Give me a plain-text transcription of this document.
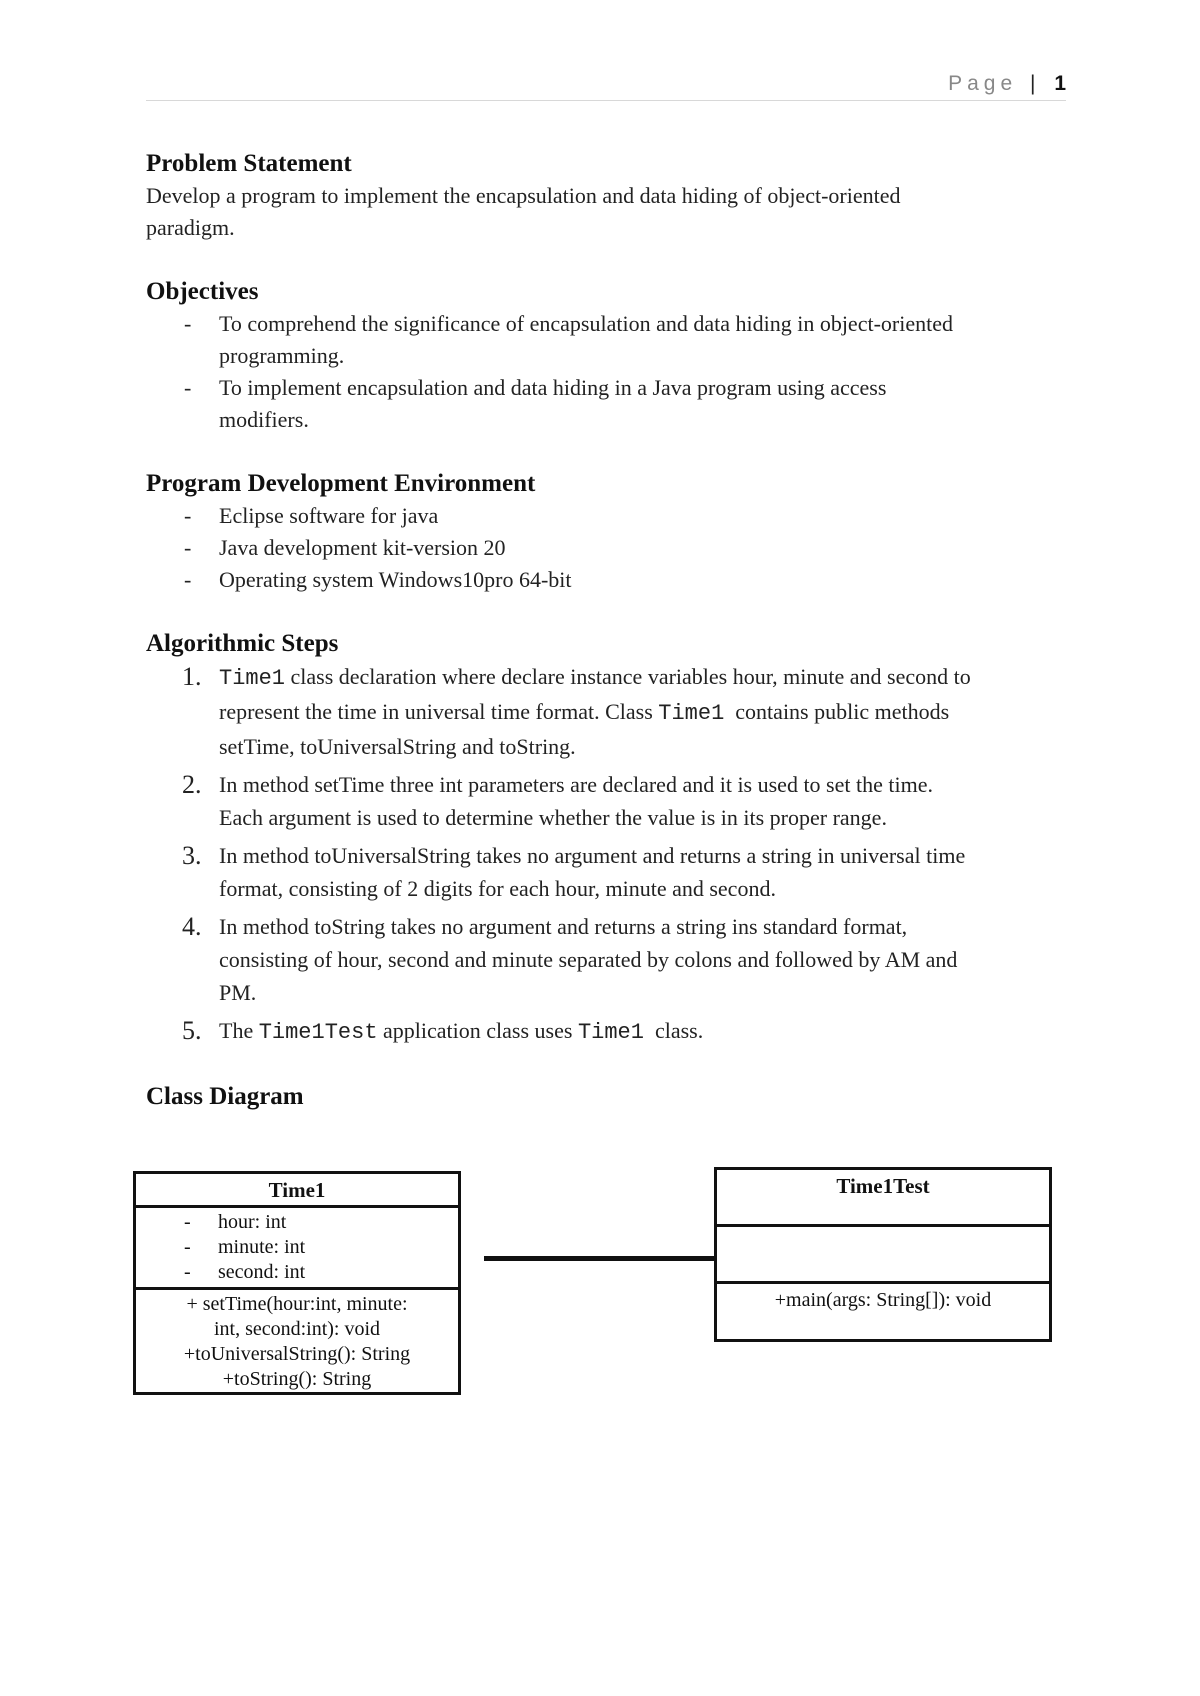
Page | 1
Problem Statement

Develop a program to implement the encapsulation and data hiding of object-oriented
paradigm.

Objectives
- To comprehend the significance of encapsulation and data hiding in object-oriented
programming.
- To implement encapsulation and data hiding in a Java program using access
modifiers.
Program Development Environment
- Eclipse software for java
- Java development kit-version 20
- Operating system Windows10pro 64-bit
Algorithmic Steps
1. Time1 class declaration where declare instance variables hour, minute and second to
represent the time in universal time format. Class Time1  contains public methods
setTime, toUniversalString and toString.
2. In method setTime three int parameters are declared and it is used to set the time.
Each argument is used to determine whether the value is in its proper range.
3. In method toUniversalString takes no argument and returns a string in universal time
format, consisting of 2 digits for each hour, minute and second.
4. In method toString takes no argument and returns a string ins standard format,
consisting of hour, second and minute separated by colons and followed by AM and
PM.
5. The Time1Test application class uses Time1  class.
Class Diagram
Time1
- hour: int
- minute: int
- second: int
+ setTime(hour:int, minute:
int, second:int): void
+toUniversalString(): String
+toString(): String
Time1Test
+main(args: String[]): void
